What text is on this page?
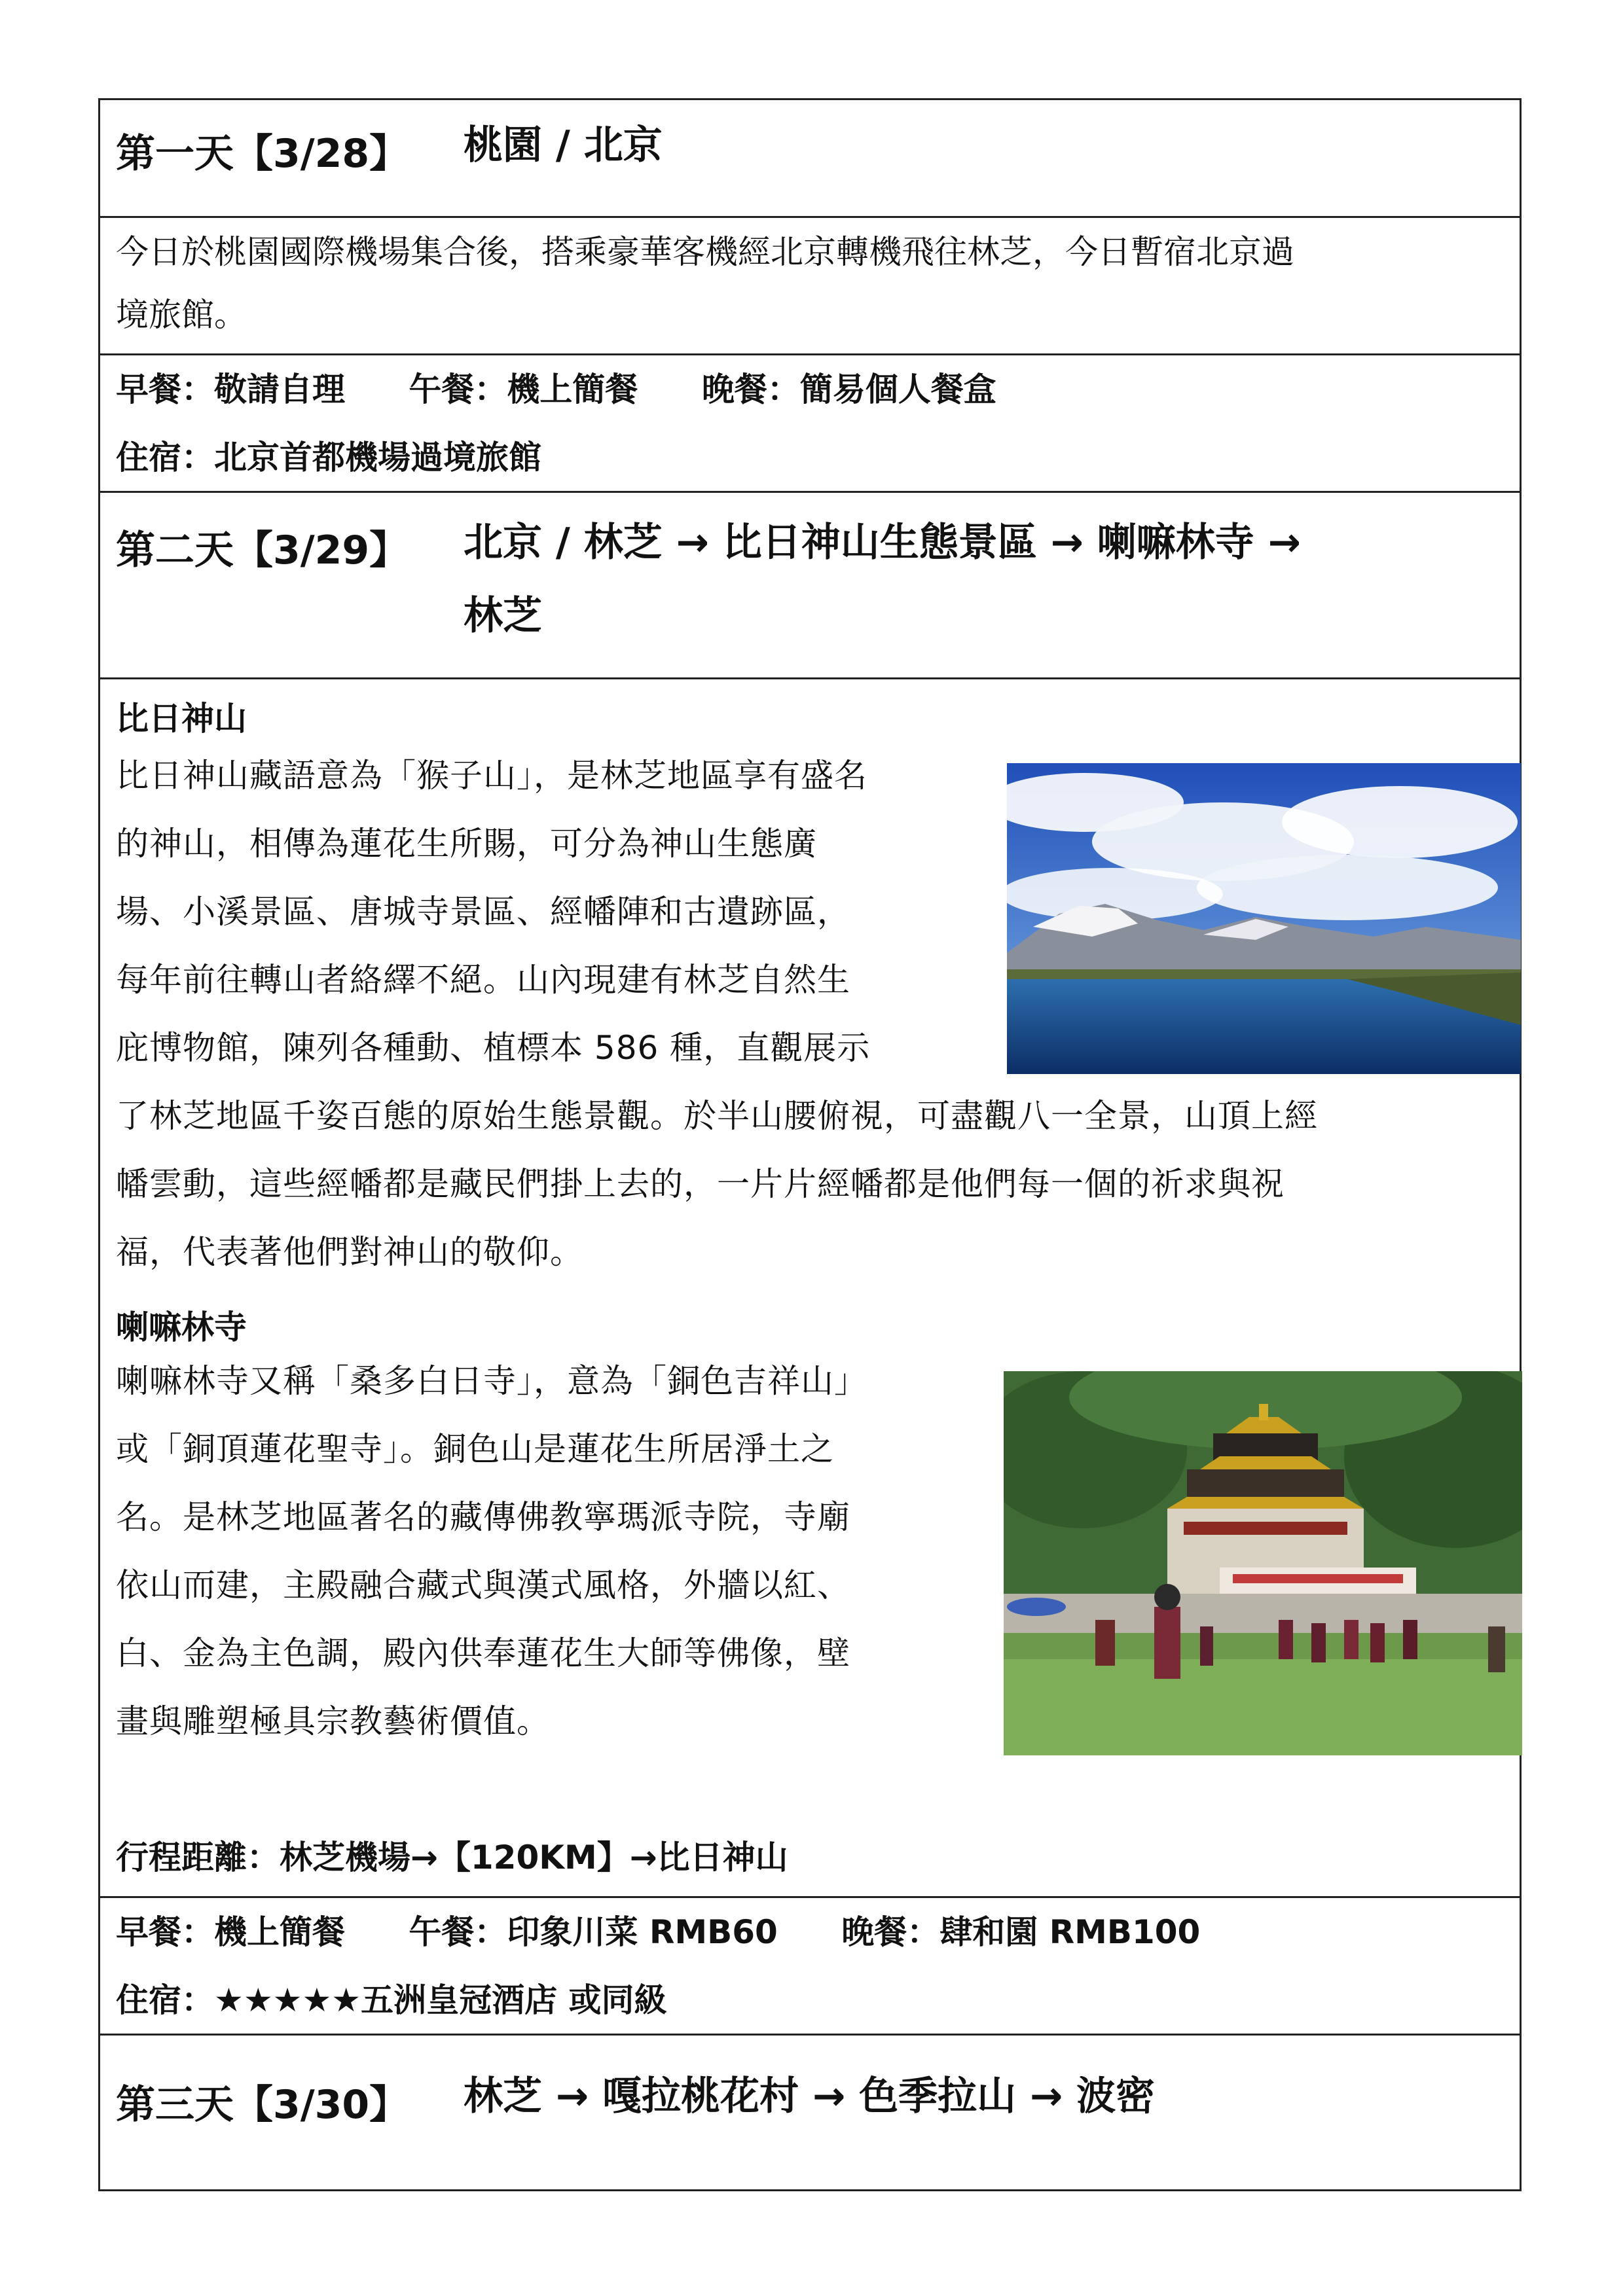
第一天【3/28】 桃園 / 北京
今日於桃園國際機場集合後，搭乘豪華客機經北京轉機飛往林芝，今日暫宿北京過
境旅館。
早餐：敬請自理 午餐：機上簡餐 晚餐：簡易個人餐盒
住宿：北京首都機場過境旅館
第二天【3/29】 北京 / 林芝 → 比日神山生態景區 → 喇嘛林寺 →
林芝
比日神山
比日神山藏語意為「猴子山」，是林芝地區享有盛名
的神山，相傳為蓮花生所賜，可分為神山生態廣
場、小溪景區、唐城寺景區、經幡陣和古遺跡區，
每年前往轉山者絡繹不絕。山內現建有林芝自然生
庇博物館，陳列各種動、植標本 586 種，直觀展示
了林芝地區千姿百態的原始生態景觀。於半山腰俯視，可盡觀八一全景，山頂上經
幡雲動，這些經幡都是藏民們掛上去的，一片片經幡都是他們每一個的祈求與祝
福，代表著他們對神山的敬仰。
喇嘛林寺
喇嘛林寺又稱「桑多白日寺」，意為「銅色吉祥山」
或「銅頂蓮花聖寺」。銅色山是蓮花生所居淨土之
名。是林芝地區著名的藏傳佛教寧瑪派寺院，寺廟
依山而建，主殿融合藏式與漢式風格，外牆以紅、
白、金為主色調，殿內供奉蓮花生大師等佛像，壁
畫與雕塑極具宗教藝術價值。
行程距離：林芝機場→【120KM】→比日神山
早餐：機上簡餐 午餐：印象川菜 RMB60 晚餐：肆和園 RMB100
住宿：★★★★★五洲皇冠酒店 或同級
第三天【3/30】 林芝 → 嘎拉桃花村 → 色季拉山 → 波密
